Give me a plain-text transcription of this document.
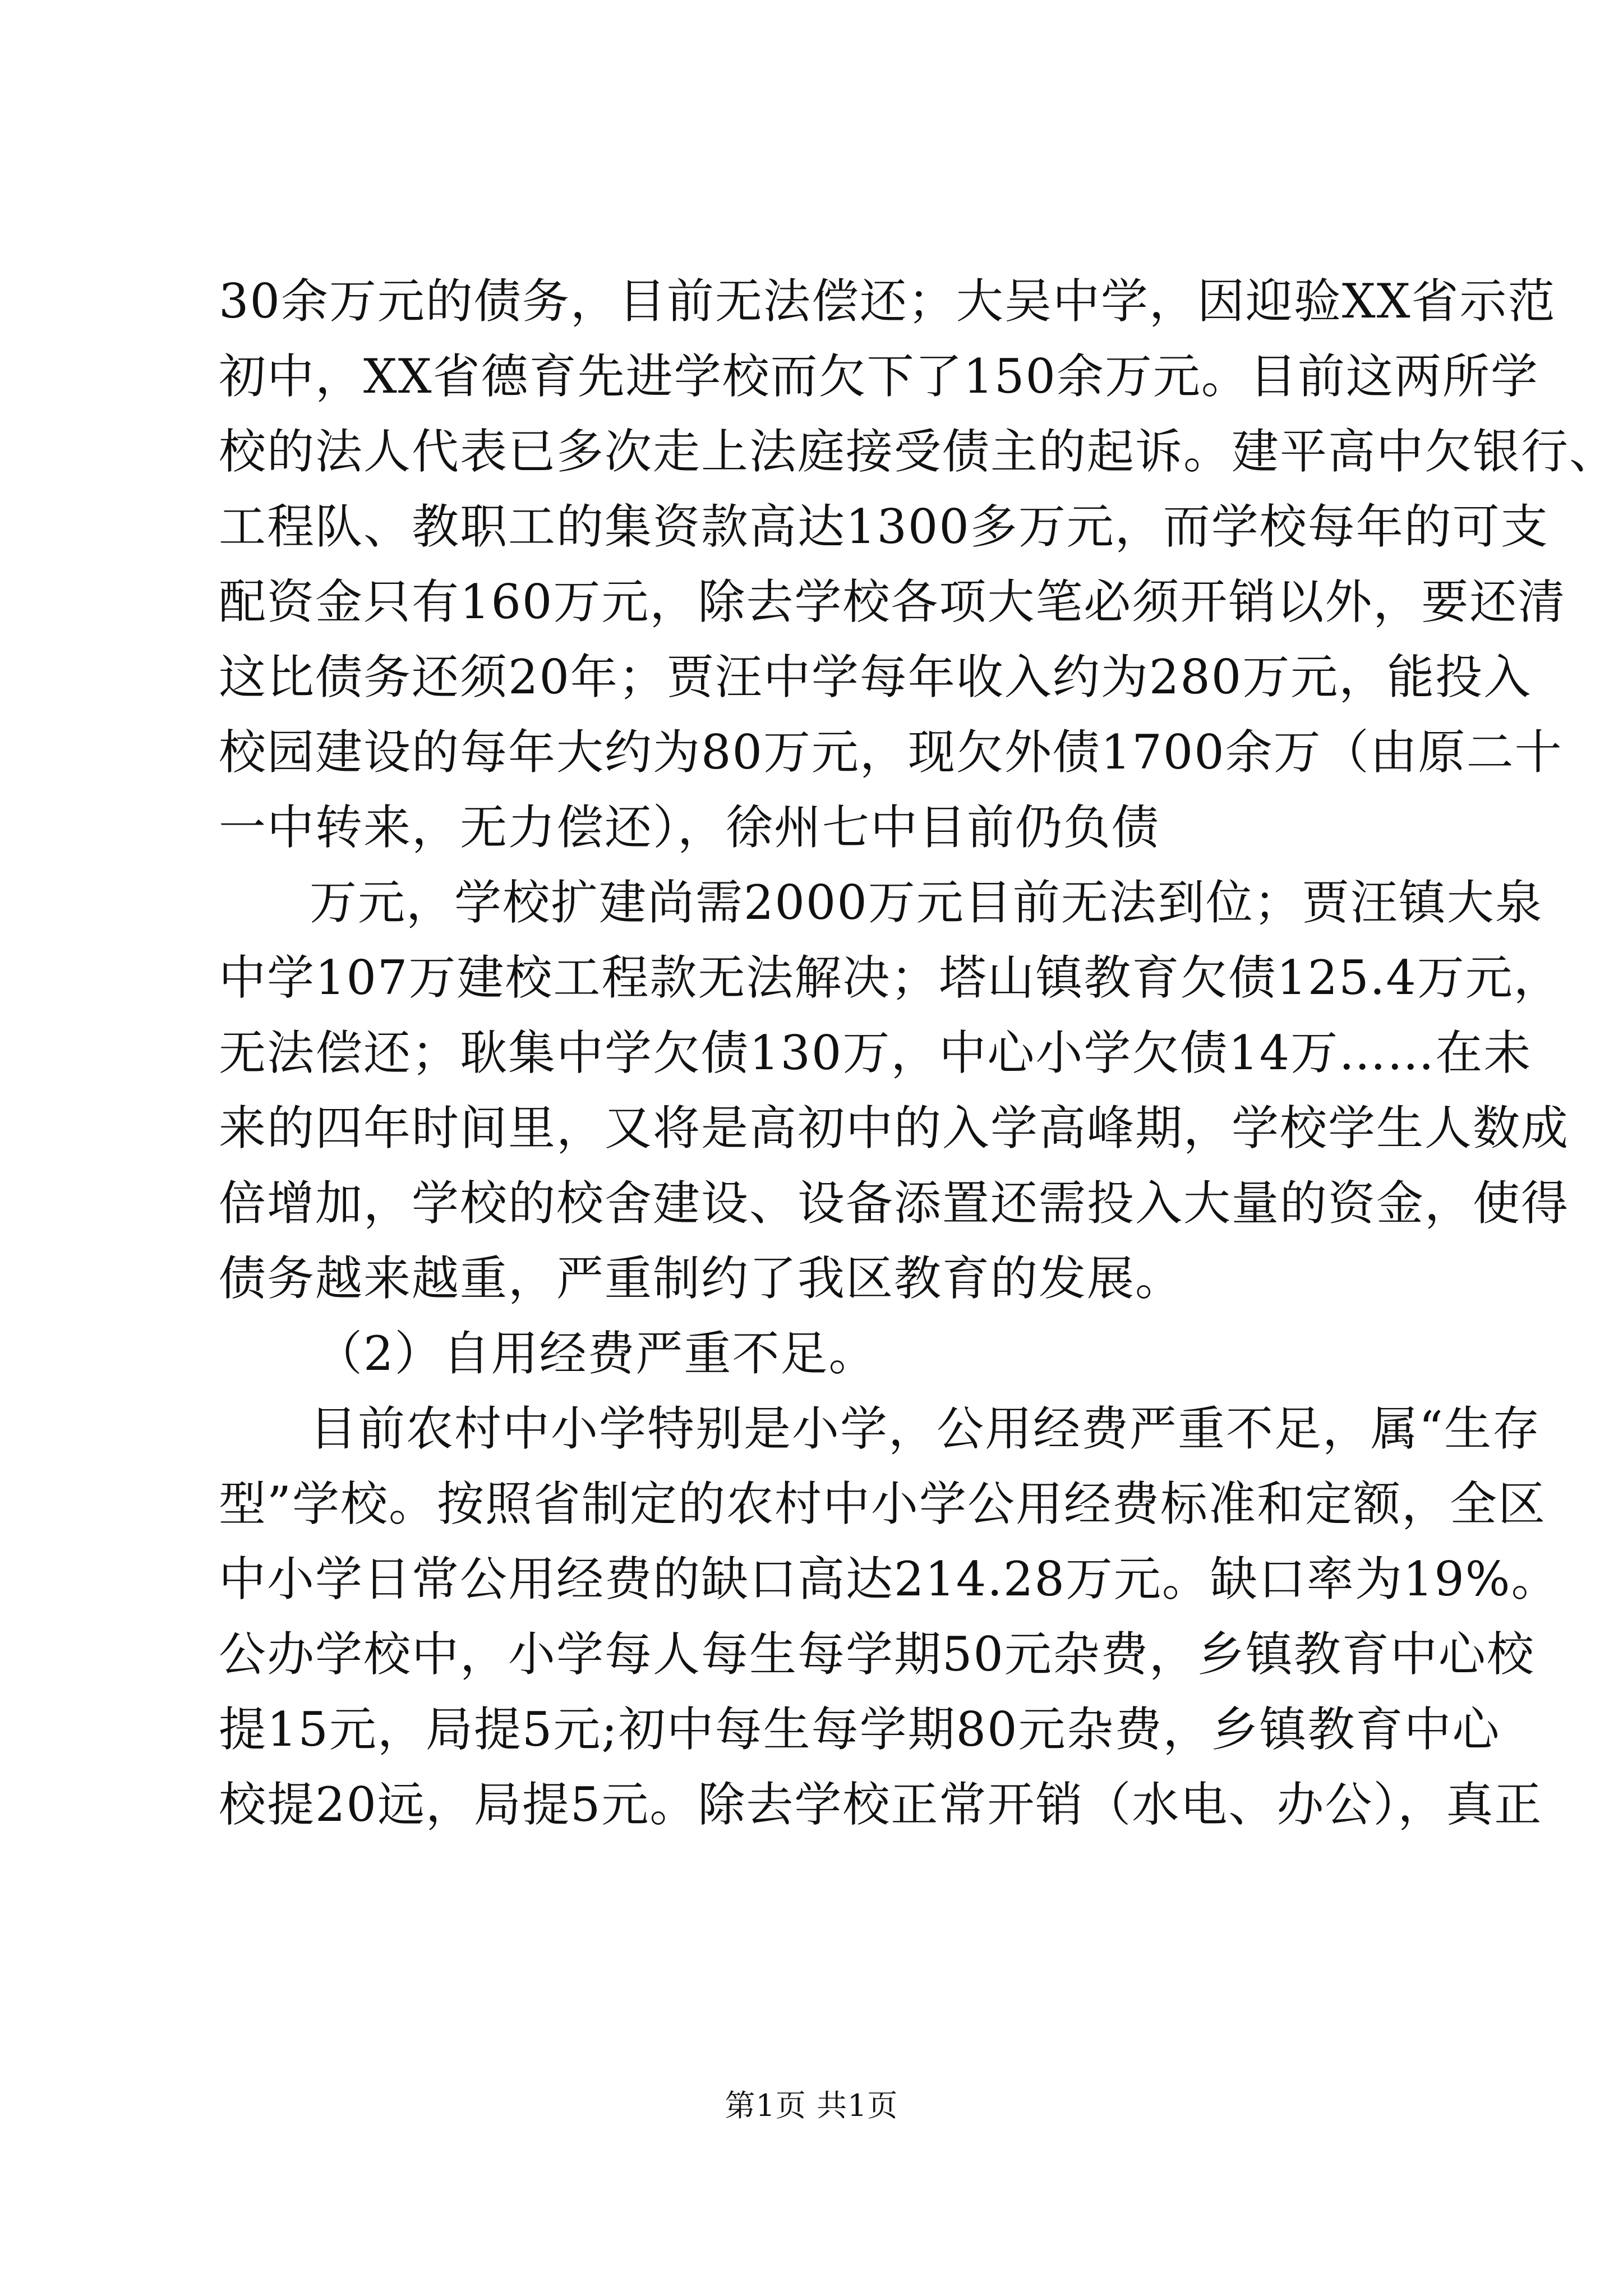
30余万元的债务，目前无法偿还；大吴中学，因迎验XX省示范
初中，XX省德育先进学校而欠下了150余万元。目前这两所学
校的法人代表已多次走上法庭接受债主的起诉。建平高中欠银行、
工程队、教职工的集资款高达1300多万元，而学校每年的可支
配资金只有160万元，除去学校各项大笔必须开销以外，要还清
这比债务还须20年；贾汪中学每年收入约为280万元，能投入
校园建设的每年大约为80万元，现欠外债1700余万（由原二十
一中转来，无力偿还），徐州七中目前仍负债
万元，学校扩建尚需2000万元目前无法到位；贾汪镇大泉
中学107万建校工程款无法解决；塔山镇教育欠债125.4万元，
无法偿还；耿集中学欠债130万，中心小学欠债14万……在未
来的四年时间里，又将是高初中的入学高峰期，学校学生人数成
倍增加，学校的校舍建设、设备添置还需投入大量的资金，使得
债务越来越重，严重制约了我区教育的发展。
（2）自用经费严重不足。
目前农村中小学特别是小学，公用经费严重不足，属“生存
型”学校。按照省制定的农村中小学公用经费标准和定额，全区
中小学日常公用经费的缺口高达214.28万元。缺口率为19%。
公办学校中，小学每人每生每学期50元杂费，乡镇教育中心校
提15元，局提5元;初中每生每学期80元杂费，乡镇教育中心
校提20远，局提5元。除去学校正常开销（水电、办公），真正
第1页 共1页
